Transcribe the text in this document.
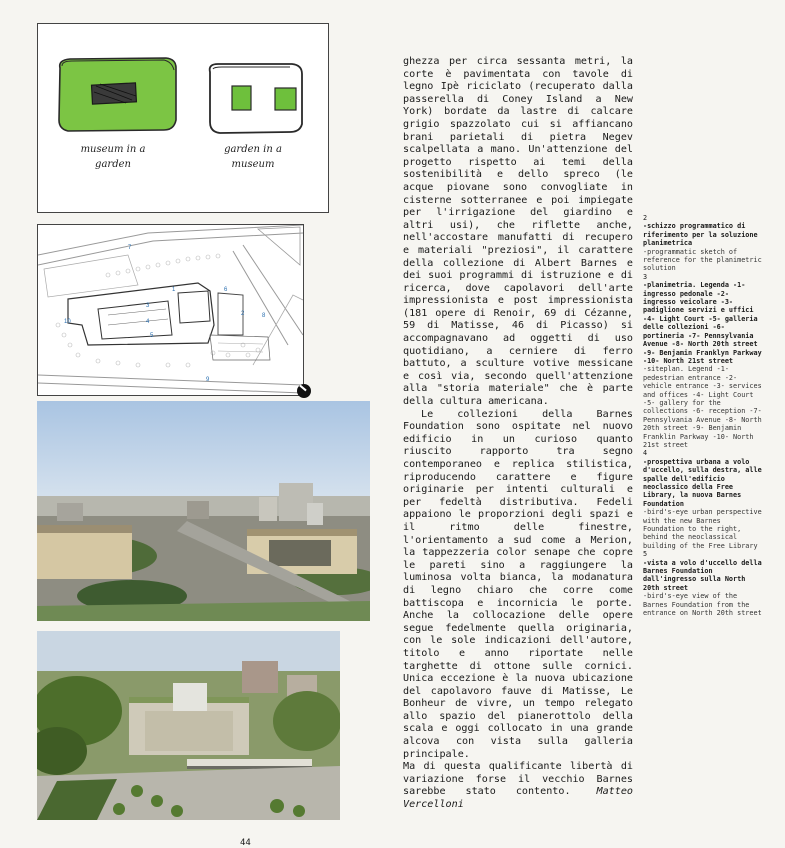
museum in a
garden
garden in a
museum
7
1
2
3
4
5
6
8
9
10

ghezza per circa sessanta metri, la corte è pavimentata con tavole di legno Ipè riciclato (recuperato dalla passerella di Coney Island a New York) bordate da lastre di calcare grigio spazzolato cui si affiancano brani parietali di pietra Negev scalpellata a mano. Un'attenzione del progetto rispetto ai temi della sostenibilità e dello spreco (le acque piovane sono convogliate in cisterne sotterranee e poi impiegate per l'irrigazione del giardino e altri usi), che riflette anche, nell'accostare manufatti di recupero e materiali "preziosi", il carattere della collezione di Albert Barnes e dei suoi programmi di istruzione e di ricerca, dove capolavori dell'arte impressionista e post impressionista (181 opere di Renoir, 69 di Cézanne, 59 di Matisse, 46 di Picasso) si accompagnavano ad oggetti di uso quotidiano, a cerniere di ferro battuto, a sculture votive messicane e così via, secondo quell'attenzione alla "storia materiale" che è parte della cultura americana.

Le collezioni della Barnes Foundation sono ospitate nel nuovo edificio in un curioso quanto riuscito rapporto tra segno contemporaneo e replica stilistica, riproducendo carattere e figure originarie per intenti culturali e per fedeltà distributiva. Fedeli appaiono le proporzioni degli spazi e il ritmo delle finestre, l'orientamento a sud come a Merion, la tappezzeria color senape che copre le pareti sino a raggiungere la luminosa volta bianca, la modanatura di legno chiaro che corre come battiscopa e incornicia le porte. Anche la collocazione delle opere segue fedelmente quella originaria, con le sole indicazioni dell'autore, titolo e anno riportate nelle targhette di ottone sulle cornici. Unica eccezione è la nuova ubicazione del capolavoro fauve di Matisse, Le Bonheur de vivre, un tempo relegato allo spazio del pianerottolo della scala e oggi collocato in una grande alcova con vista sulla galleria principale.

Ma di questa qualificante libertà di variazione forse il vecchio Barnes sarebbe stato contento.	Matteo Vercelloni

2
-schizzo programmatico di riferimento per la soluzione planimetrica
-programmatic sketch of reference for the planimetric solution
3
-planimetria. Legenda -1- ingresso pedonale -2- ingresso veicolare -3- padiglione servizi e uffici -4- Light Court -5- galleria delle collezioni -6- portineria -7- Pennsylvania Avenue -8- North 20th street -9- Benjamin Franklyn Parkway -10- North 21st street
-siteplan. Legend -1- pedestrian entrance -2- vehicle entrance -3- services and offices -4- Light Court -5- gallery for the collections -6- reception -7- Pennsylvania Avenue -8- North 20th street -9- Benjamin Franklin Parkway -10- North 21st street
4
-prospettiva urbana a volo d'uccello, sulla destra, alle spalle dell'edificio neoclassico della Free Library, la nuova Barnes Foundation
-bird's-eye urban perspective with the new Barnes Foundation to the right, behind the neoclassical building of the Free Library
5
-vista a volo d'uccello della Barnes Foundation dall'ingresso sulla North 20th street
-bird's-eye view of the Barnes Foundation from the entrance on North 20th street
44
